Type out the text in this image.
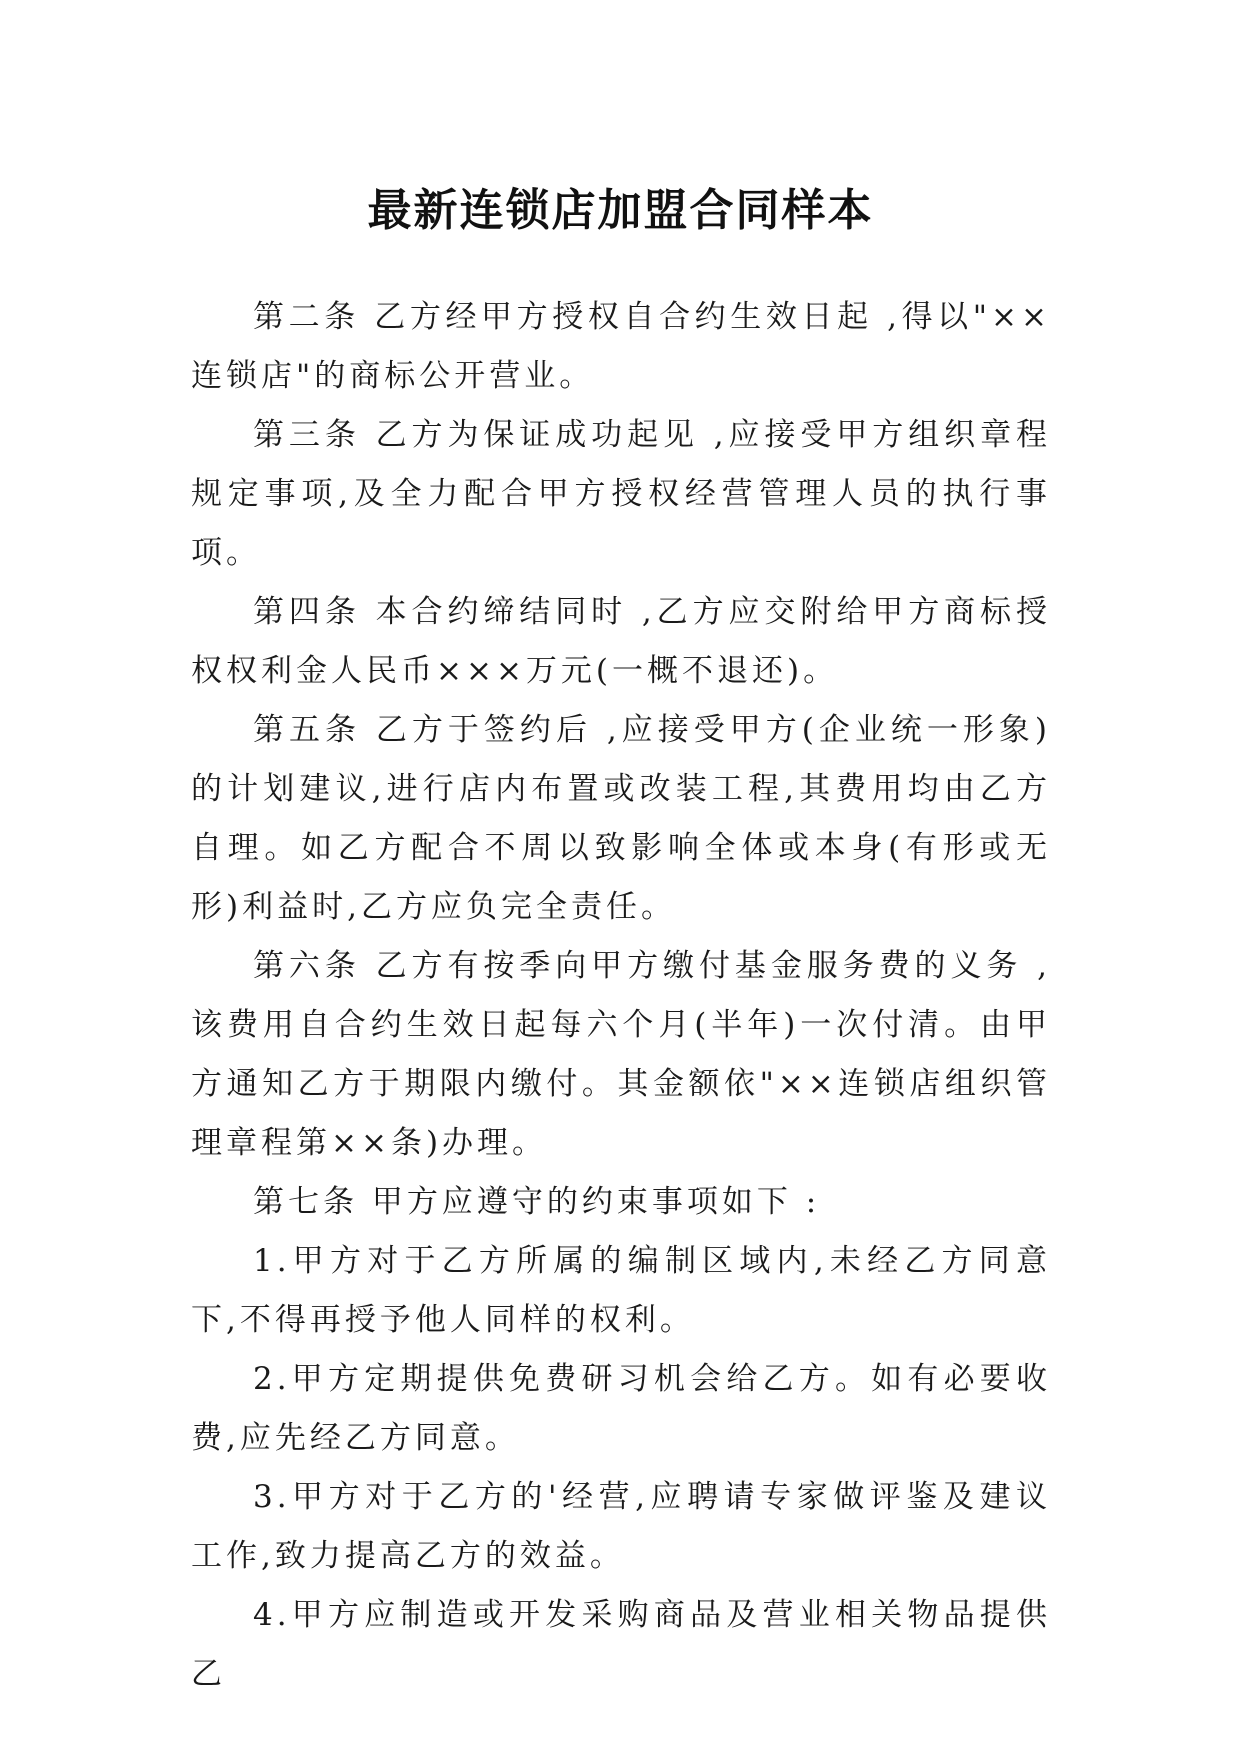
最新连锁店加盟合同样本

第二条 乙方经甲方授权自合约生效日起 ,得以"××连锁店"的商标公开营业。

第三条 乙方为保证成功起见 ,应接受甲方组织章程规定事项,及全力配合甲方授权经营管理人员的执行事项。

第四条 本合约缔结同时 ,乙方应交附给甲方商标授权权利金人民币×××万元(一概不退还)。

第五条 乙方于签约后 ,应接受甲方(企业统一形象)的计划建议,进行店内布置或改装工程,其费用均由乙方自理。如乙方配合不周以致影响全体或本身(有形或无形)利益时,乙方应负完全责任。

第六条 乙方有按季向甲方缴付基金服务费的义务 ,该费用自合约生效日起每六个月(半年)一次付清。由甲方通知乙方于期限内缴付。其金额依"××连锁店组织管理章程第××条)办理。

第七条 甲方应遵守的约束事项如下 :

1.甲方对于乙方所属的编制区域内,未经乙方同意下,不得再授予他人同样的权利。

2.甲方定期提供免费研习机会给乙方。如有必要收费,应先经乙方同意。

3.甲方对于乙方的'经营,应聘请专家做评鉴及建议工作,致力提高乙方的效益。

4.甲方应制造或开发采购商品及营业相关物品提供乙
